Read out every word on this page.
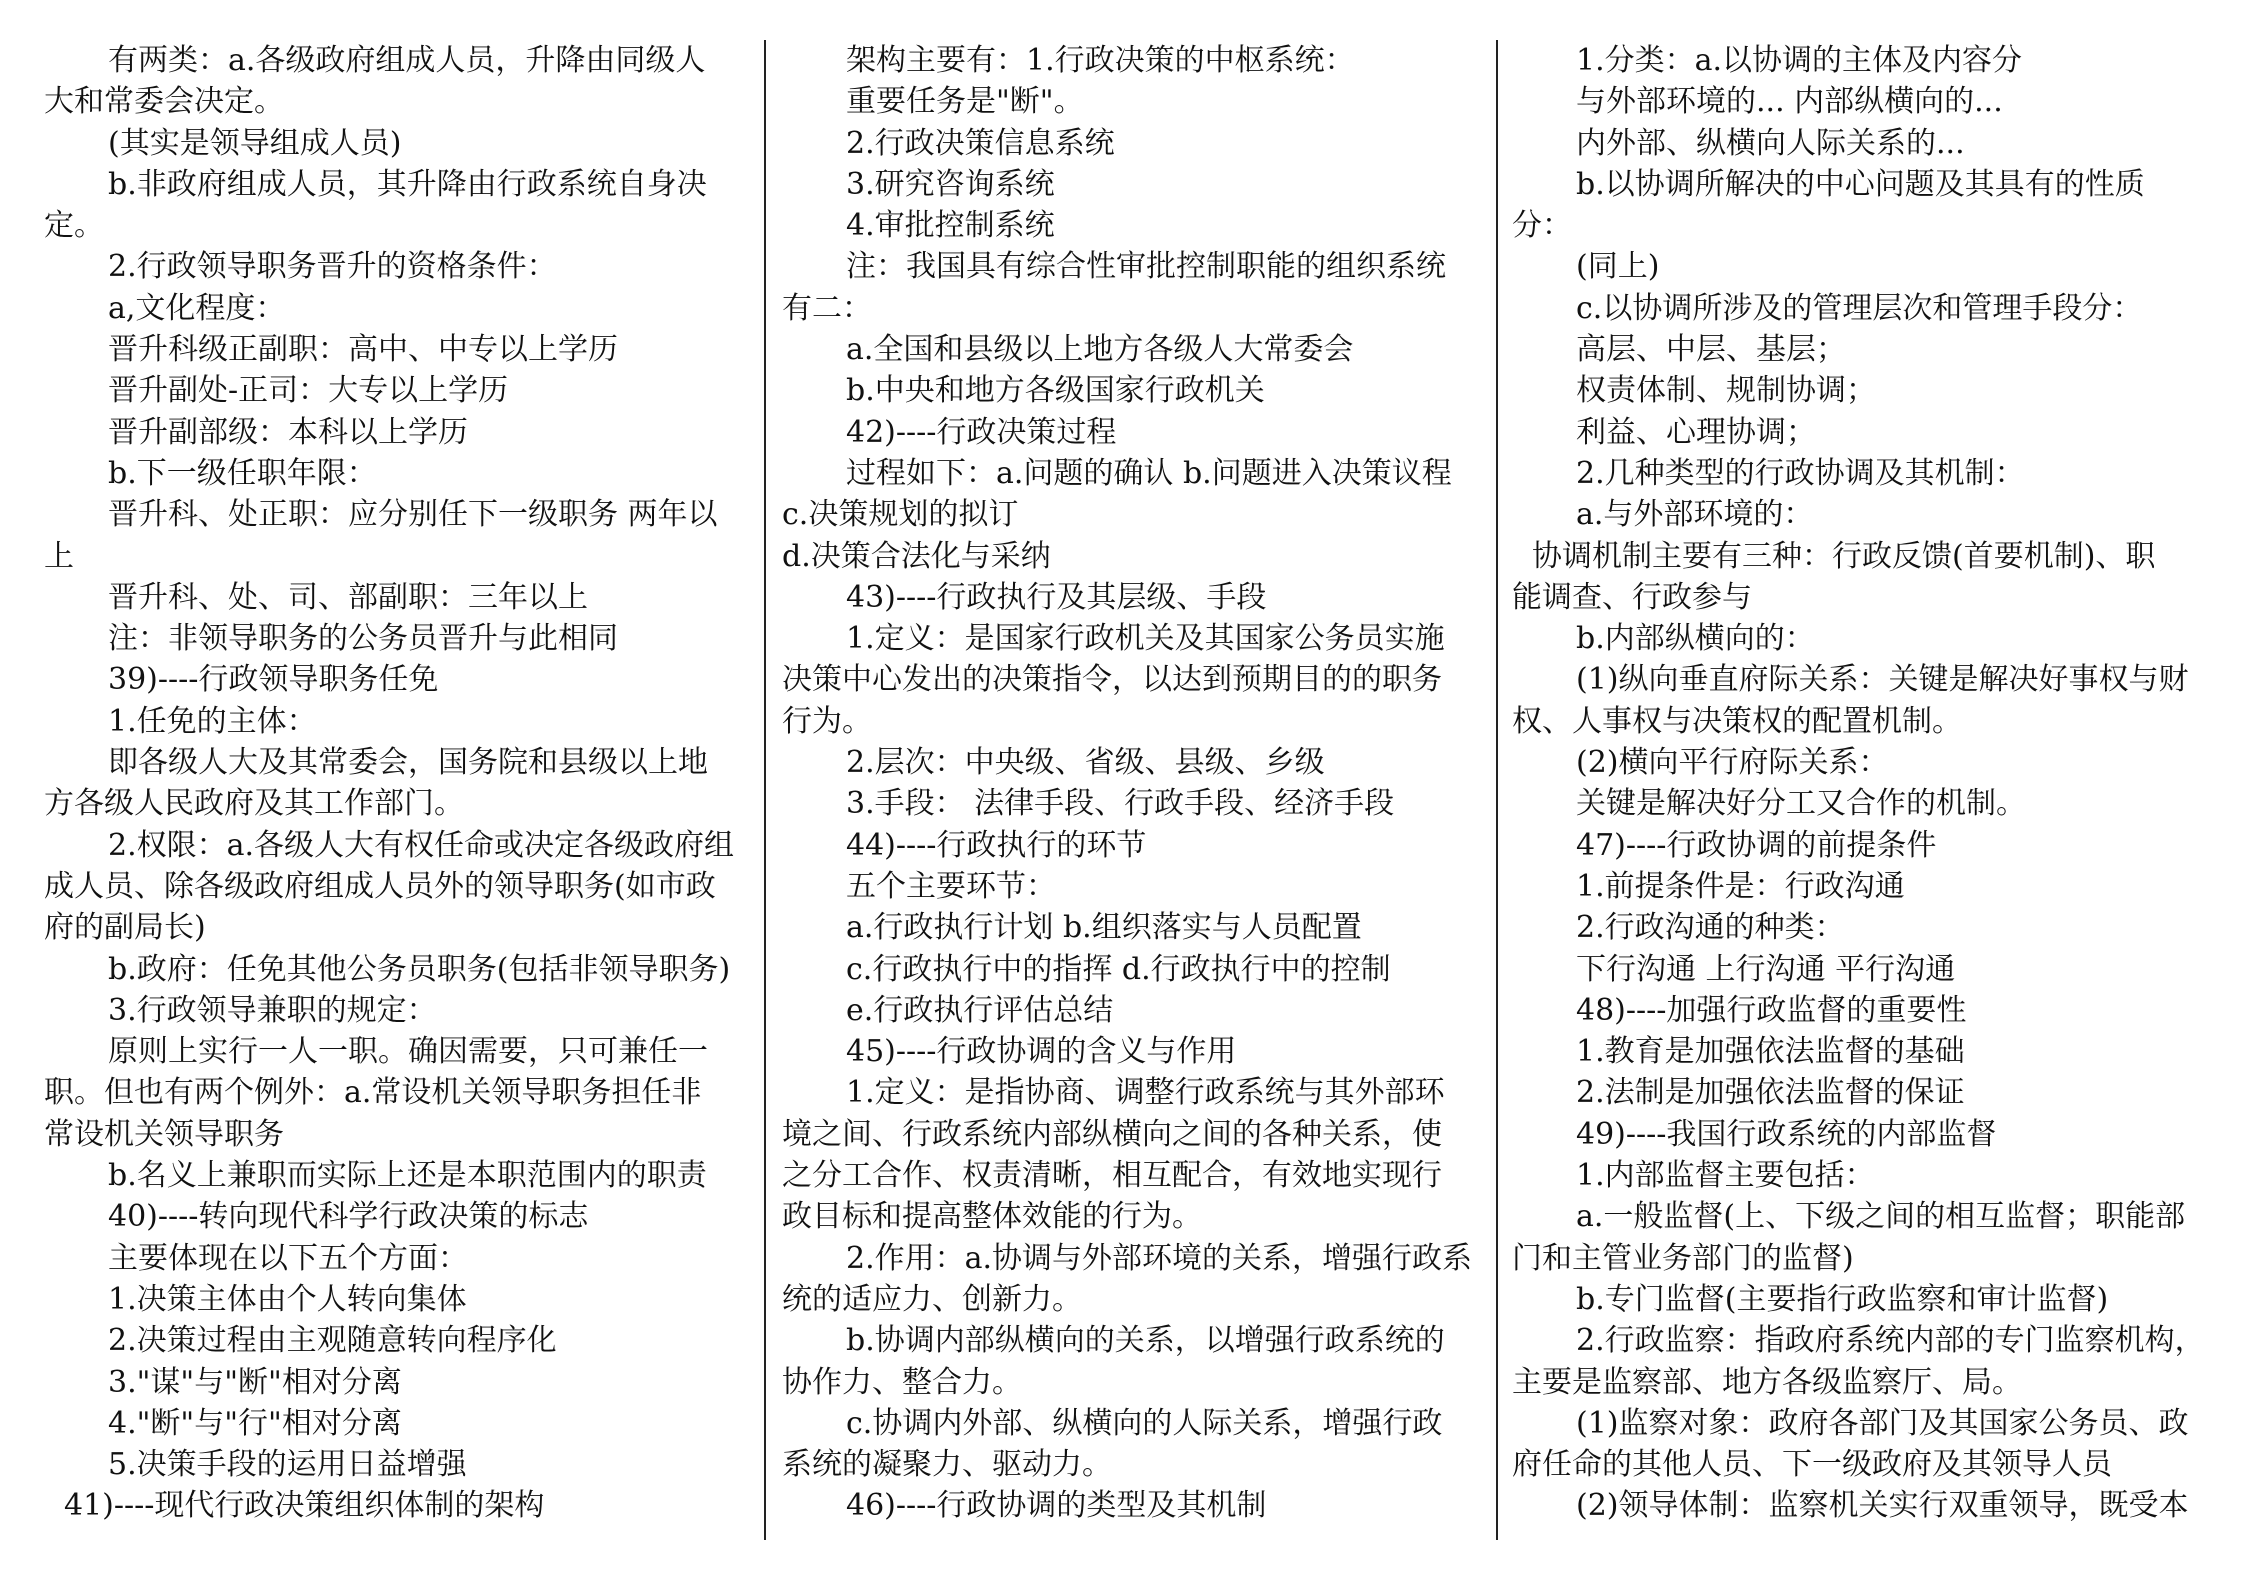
有两类：a.各级政府组成人员，升降由同级人
大和常委会决定。
(其实是领导组成人员)
b.非政府组成人员，其升降由行政系统自身决
定。
2.行政领导职务晋升的资格条件：
a,文化程度：
晋升科级正副职：高中、中专以上学历
晋升副处-正司：大专以上学历
晋升副部级：本科以上学历
b.下一级任职年限：
晋升科、处正职：应分别任下一级职务 两年以
上
晋升科、处、司、部副职：三年以上
注：非领导职务的公务员晋升与此相同
39)----行政领导职务任免
1.任免的主体：
即各级人大及其常委会，国务院和县级以上地
方各级人民政府及其工作部门。
2.权限：a.各级人大有权任命或决定各级政府组
成人员、除各级政府组成人员外的领导职务(如市政
府的副局长)
b.政府：任免其他公务员职务(包括非领导职务)
3.行政领导兼职的规定：
原则上实行一人一职。确因需要，只可兼任一
职。但也有两个例外：a.常设机关领导职务担任非
常设机关领导职务
b.名义上兼职而实际上还是本职范围内的职责
40)----转向现代科学行政决策的标志
主要体现在以下五个方面：
1.决策主体由个人转向集体
2.决策过程由主观随意转向程序化
3."谋"与"断"相对分离
4."断"与"行"相对分离
5.决策手段的运用日益增强
41)----现代行政决策组织体制的架构
架构主要有：1.行政决策的中枢系统：
重要任务是"断"。
2.行政决策信息系统
3.研究咨询系统
4.审批控制系统
注：我国具有综合性审批控制职能的组织系统
有二：
a.全国和县级以上地方各级人大常委会
b.中央和地方各级国家行政机关
42)----行政决策过程
过程如下：a.问题的确认 b.问题进入决策议程
c.决策规划的拟订
d.决策合法化与采纳
43)----行政执行及其层级、手段
1.定义：是国家行政机关及其国家公务员实施
决策中心发出的决策指令，以达到预期目的的职务
行为。
2.层次：中央级、省级、县级、乡级
3.手段： 法律手段、行政手段、经济手段
44)----行政执行的环节
五个主要环节：
a.行政执行计划 b.组织落实与人员配置
c.行政执行中的指挥 d.行政执行中的控制
e.行政执行评估总结
45)----行政协调的含义与作用
1.定义：是指协商、调整行政系统与其外部环
境之间、行政系统内部纵横向之间的各种关系，使
之分工合作、权责清晰，相互配合，有效地实现行
政目标和提高整体效能的行为。
2.作用：a.协调与外部环境的关系，增强行政系
统的适应力、创新力。
b.协调内部纵横向的关系，以增强行政系统的
协作力、整合力。
c.协调内外部、纵横向的人际关系，增强行政
系统的凝聚力、驱动力。
46)----行政协调的类型及其机制
1.分类：a.以协调的主体及内容分
与外部环境的... 内部纵横向的...
内外部、纵横向人际关系的...
b.以协调所解决的中心问题及其具有的性质
分：
(同上)
c.以协调所涉及的管理层次和管理手段分：
高层、中层、基层；
权责体制、规制协调；
利益、心理协调；
2.几种类型的行政协调及其机制：
a.与外部环境的：
协调机制主要有三种：行政反馈(首要机制)、职
能调查、行政参与
b.内部纵横向的：
(1)纵向垂直府际关系：关键是解决好事权与财
权、人事权与决策权的配置机制。
(2)横向平行府际关系：
关键是解决好分工又合作的机制。
47)----行政协调的前提条件
1.前提条件是：行政沟通
2.行政沟通的种类：
下行沟通 上行沟通 平行沟通
48)----加强行政监督的重要性
1.教育是加强依法监督的基础
2.法制是加强依法监督的保证
49)----我国行政系统的内部监督
1.内部监督主要包括：
a.一般监督(上、下级之间的相互监督；职能部
门和主管业务部门的监督)
b.专门监督(主要指行政监察和审计监督)
2.行政监察：指政府系统内部的专门监察机构，
主要是监察部、地方各级监察厅、局。
(1)监察对象：政府各部门及其国家公务员、政
府任命的其他人员、下一级政府及其领导人员
(2)领导体制：监察机关实行双重领导，既受本
